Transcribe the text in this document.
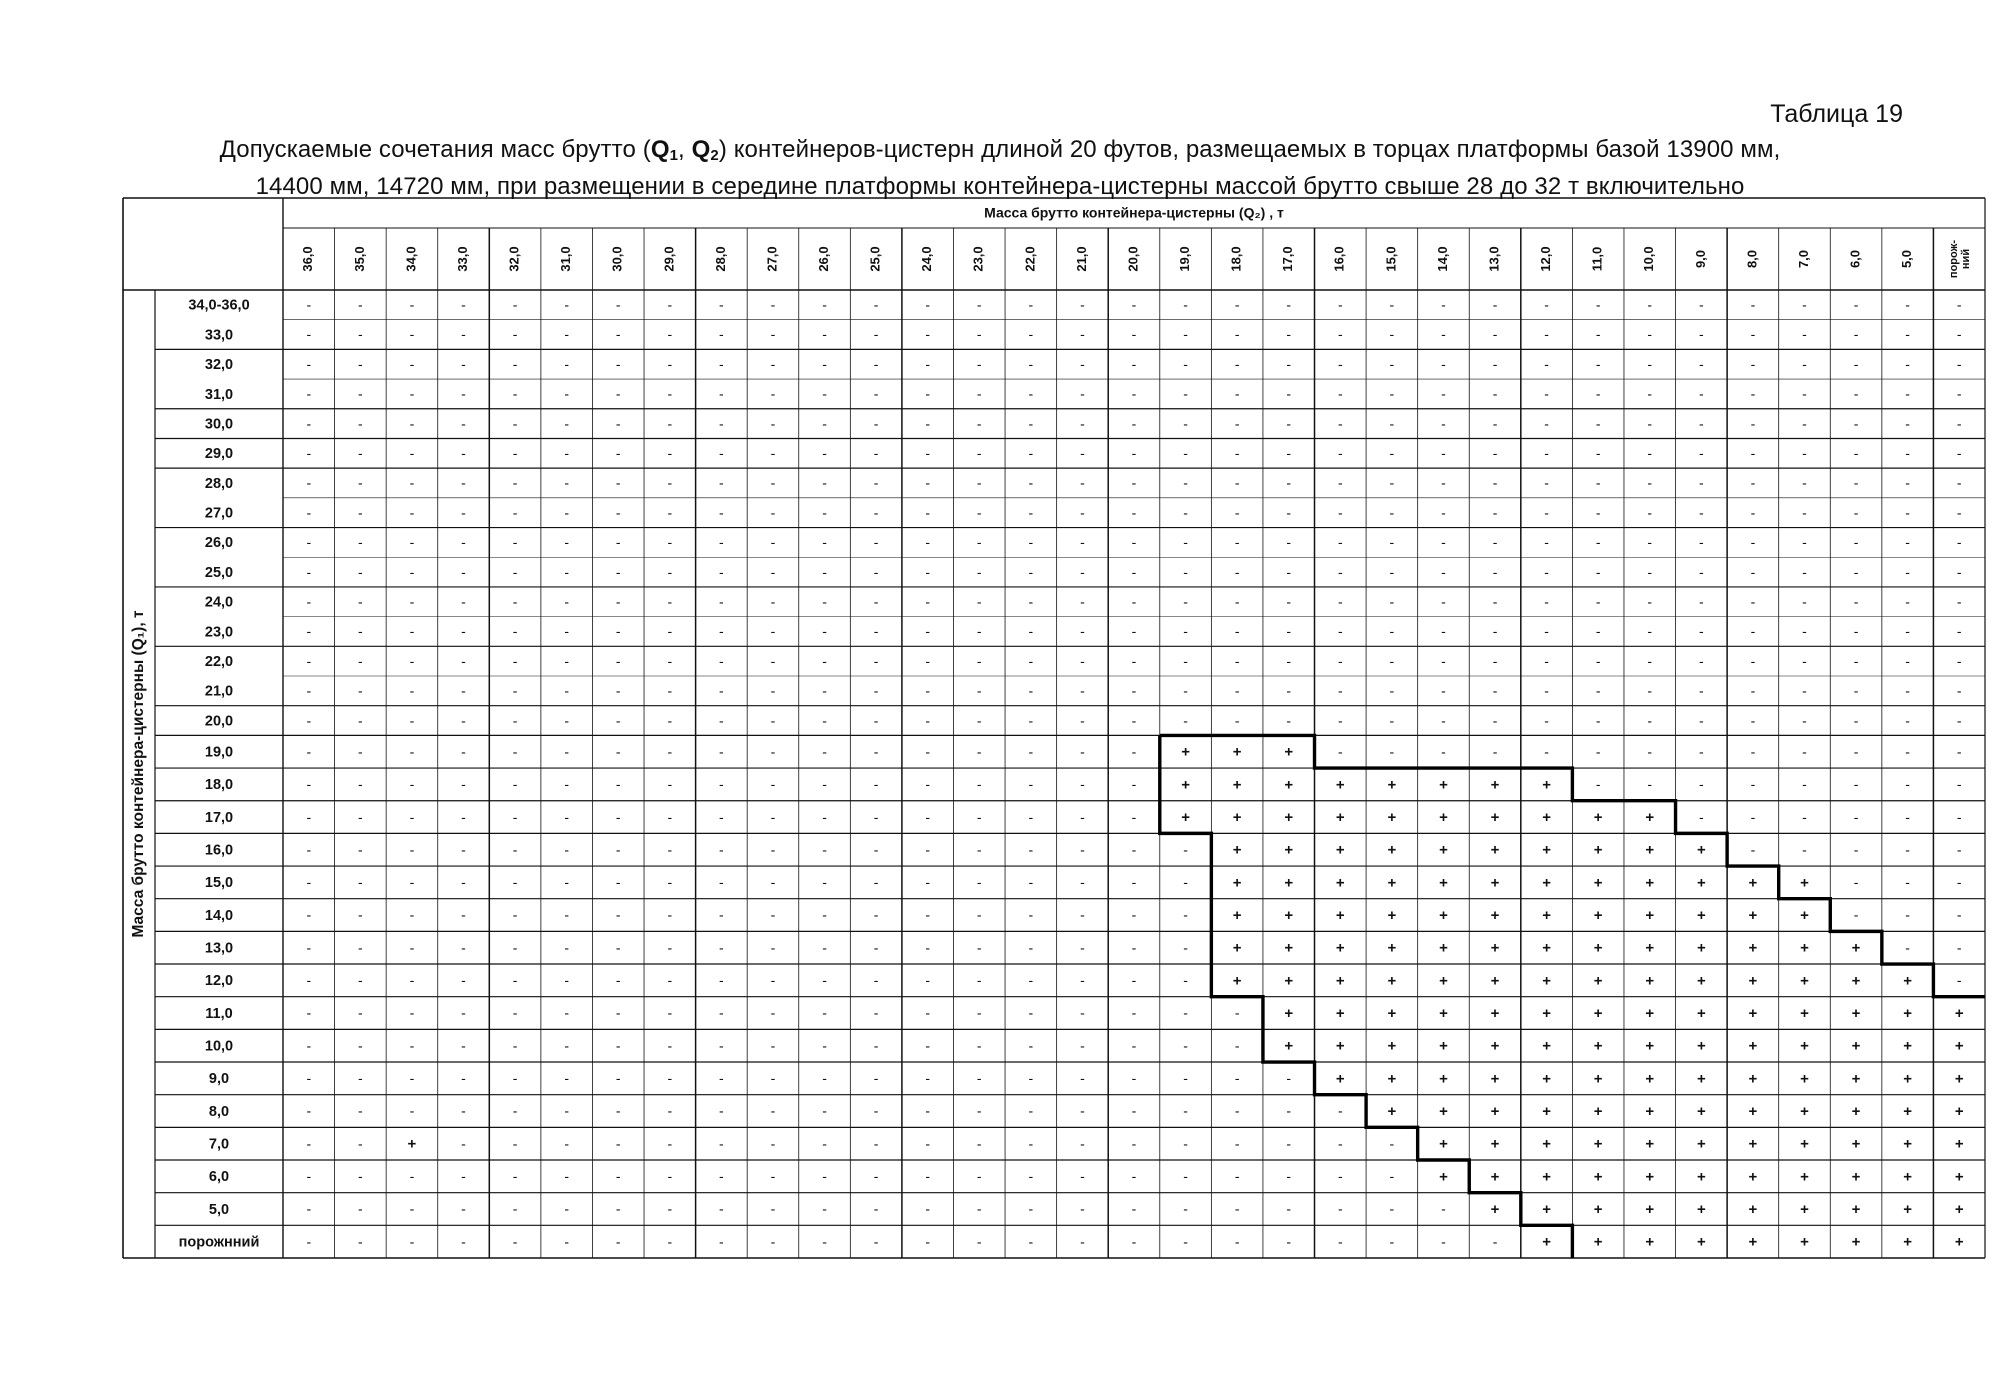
Таблица 19
Допускаемые сочетания масс брутто ($Q_1$, $Q_2$) контейнеров-цистерн длиной 20 футов, размещаемых в торцах платформы базой 13900 мм,
14400 мм, 14720 мм, при размещении в середине платформы контейнера-цистерны массой брутто свыше 28 до 32 т включительно
Масса брутто контейнера-цистерны (Q₂) , т
Масса брутто контейнера-цистерны (Q₁), т
36,0	35,0	34,0	33,0	32,0	31,0	30,0	29,0	28,0	27,0	26,0	25,0	24,0	23,0	22,0	21,0	20,0	19,0	18,0	17,0	16,0	15,0	14,0	13,0	12,0	11,0	10,0	9,0	8,0	7,0	6,0	5,0	порож-ний
34,0-36,0	-	-	-	-	-	-	-	-	-	-	-	-	-	-	-	-	-	-	-	-	-	-	-	-	-	-	-	-	-	-	-	-	-
33,0	-	-	-	-	-	-	-	-	-	-	-	-	-	-	-	-	-	-	-	-	-	-	-	-	-	-	-	-	-	-	-	-	-
32,0	-	-	-	-	-	-	-	-	-	-	-	-	-	-	-	-	-	-	-	-	-	-	-	-	-	-	-	-	-	-	-	-	-
31,0	-	-	-	-	-	-	-	-	-	-	-	-	-	-	-	-	-	-	-	-	-	-	-	-	-	-	-	-	-	-	-	-	-
30,0	-	-	-	-	-	-	-	-	-	-	-	-	-	-	-	-	-	-	-	-	-	-	-	-	-	-	-	-	-	-	-	-	-
29,0	-	-	-	-	-	-	-	-	-	-	-	-	-	-	-	-	-	-	-	-	-	-	-	-	-	-	-	-	-	-	-	-	-
28,0	-	-	-	-	-	-	-	-	-	-	-	-	-	-	-	-	-	-	-	-	-	-	-	-	-	-	-	-	-	-	-	-	-
27,0	-	-	-	-	-	-	-	-	-	-	-	-	-	-	-	-	-	-	-	-	-	-	-	-	-	-	-	-	-	-	-	-	-
26,0	-	-	-	-	-	-	-	-	-	-	-	-	-	-	-	-	-	-	-	-	-	-	-	-	-	-	-	-	-	-	-	-	-
25,0	-	-	-	-	-	-	-	-	-	-	-	-	-	-	-	-	-	-	-	-	-	-	-	-	-	-	-	-	-	-	-	-	-
24,0	-	-	-	-	-	-	-	-	-	-	-	-	-	-	-	-	-	-	-	-	-	-	-	-	-	-	-	-	-	-	-	-	-
23,0	-	-	-	-	-	-	-	-	-	-	-	-	-	-	-	-	-	-	-	-	-	-	-	-	-	-	-	-	-	-	-	-	-
22,0	-	-	-	-	-	-	-	-	-	-	-	-	-	-	-	-	-	-	-	-	-	-	-	-	-	-	-	-	-	-	-	-	-
21,0	-	-	-	-	-	-	-	-	-	-	-	-	-	-	-	-	-	-	-	-	-	-	-	-	-	-	-	-	-	-	-	-	-
20,0	-	-	-	-	-	-	-	-	-	-	-	-	-	-	-	-	-	-	-	-	-	-	-	-	-	-	-	-	-	-	-	-	-
19,0	-	-	-	-	-	-	-	-	-	-	-	-	-	-	-	-	-	+	+	+	-	-	-	-	-	-	-	-	-	-	-	-	-
18,0	-	-	-	-	-	-	-	-	-	-	-	-	-	-	-	-	-	+	+	+	+	+	+	+	+	-	-	-	-	-	-	-	-
17,0	-	-	-	-	-	-	-	-	-	-	-	-	-	-	-	-	-	+	+	+	+	+	+	+	+	+	+	-	-	-	-	-	-
16,0	-	-	-	-	-	-	-	-	-	-	-	-	-	-	-	-	-	-	+	+	+	+	+	+	+	+	+	+	-	-	-	-	-
15,0	-	-	-	-	-	-	-	-	-	-	-	-	-	-	-	-	-	-	+	+	+	+	+	+	+	+	+	+	+	+	-	-	-
14,0	-	-	-	-	-	-	-	-	-	-	-	-	-	-	-	-	-	-	+	+	+	+	+	+	+	+	+	+	+	+	-	-	-
13,0	-	-	-	-	-	-	-	-	-	-	-	-	-	-	-	-	-	-	+	+	+	+	+	+	+	+	+	+	+	+	+	-	-
12,0	-	-	-	-	-	-	-	-	-	-	-	-	-	-	-	-	-	-	+	+	+	+	+	+	+	+	+	+	+	+	+	+	-
11,0	-	-	-	-	-	-	-	-	-	-	-	-	-	-	-	-	-	-	-	+	+	+	+	+	+	+	+	+	+	+	+	+	+
10,0	-	-	-	-	-	-	-	-	-	-	-	-	-	-	-	-	-	-	-	+	+	+	+	+	+	+	+	+	+	+	+	+	+
9,0	-	-	-	-	-	-	-	-	-	-	-	-	-	-	-	-	-	-	-	-	+	+	+	+	+	+	+	+	+	+	+	+	+
8,0	-	-	-	-	-	-	-	-	-	-	-	-	-	-	-	-	-	-	-	-	-	+	+	+	+	+	+	+	+	+	+	+	+
7,0	-	-	+	-	-	-	-	-	-	-	-	-	-	-	-	-	-	-	-	-	-	-	+	+	+	+	+	+	+	+	+	+	+
6,0	-	-	-	-	-	-	-	-	-	-	-	-	-	-	-	-	-	-	-	-	-	-	+	+	+	+	+	+	+	+	+	+	+
5,0	-	-	-	-	-	-	-	-	-	-	-	-	-	-	-	-	-	-	-	-	-	-	-	+	+	+	+	+	+	+	+	+	+
порожнний	-	-	-	-	-	-	-	-	-	-	-	-	-	-	-	-	-	-	-	-	-	-	-	-	+	+	+	+	+	+	+	+	+
